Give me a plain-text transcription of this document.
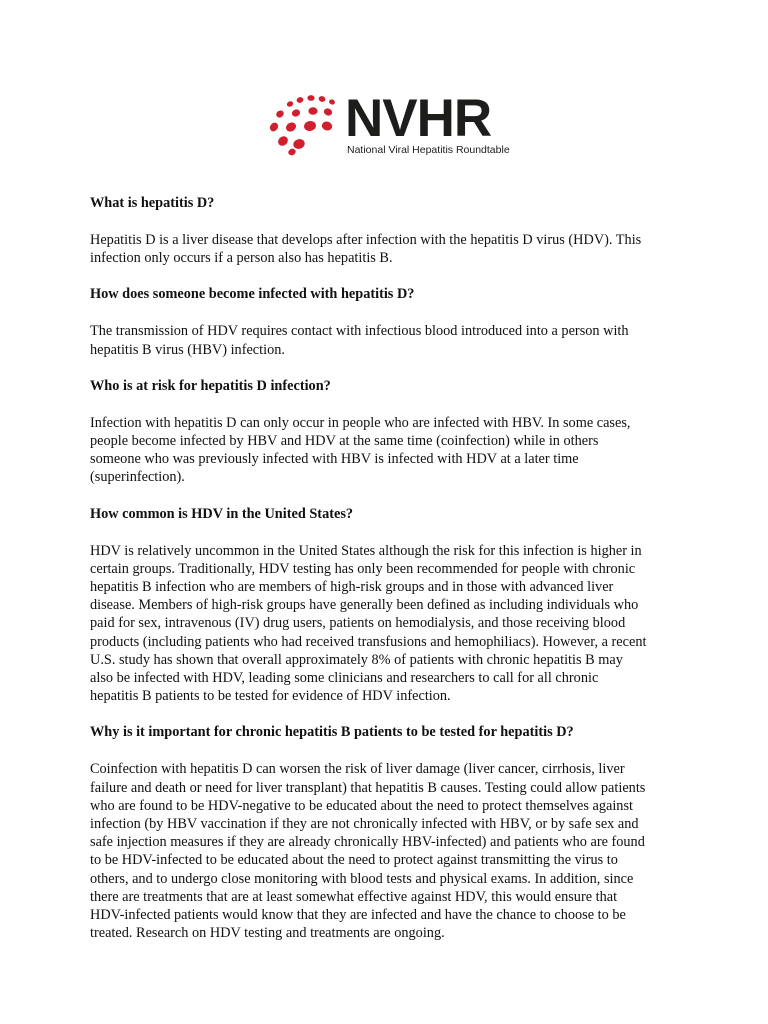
NVHR

National Viral Hepatitis Roundtable

What is hepatitis D?

Hepatitis D is a liver disease that develops after infection with the hepatitis D virus (HDV). This
infection only occurs if a person also has hepatitis B.

How does someone become infected with hepatitis D?

The transmission of HDV requires contact with infectious blood introduced into a person with
hepatitis B virus (HBV) infection.

Who is at risk for hepatitis D infection?

Infection with hepatitis D can only occur in people who are infected with HBV. In some cases,
people become infected by HBV and HDV at the same time (coinfection) while in others
someone who was previously infected with HBV is infected with HDV at a later time
(superinfection).

How common is HDV in the United States?

HDV is relatively uncommon in the United States although the risk for this infection is higher in
certain groups. Traditionally, HDV testing has only been recommended for people with chronic
hepatitis B infection who are members of high-risk groups and in those with advanced liver
disease. Members of high-risk groups have generally been defined as including individuals who
paid for sex, intravenous (IV) drug users, patients on hemodialysis, and those receiving blood
products (including patients who had received transfusions and hemophiliacs). However, a recent
U.S. study has shown that overall approximately 8% of patients with chronic hepatitis B may
also be infected with HDV, leading some clinicians and researchers to call for all chronic
hepatitis B patients to be tested for evidence of HDV infection.

Why is it important for chronic hepatitis B patients to be tested for hepatitis D?

Coinfection with hepatitis D can worsen the risk of liver damage (liver cancer, cirrhosis, liver
failure and death or need for liver transplant) that hepatitis B causes. Testing could allow patients
who are found to be HDV-negative to be educated about the need to protect themselves against
infection (by HBV vaccination if they are not chronically infected with HBV, or by safe sex and
safe injection measures if they are already chronically HBV-infected) and patients who are found
to be HDV-infected to be educated about the need to protect against transmitting the virus to
others, and to undergo close monitoring with blood tests and physical exams. In addition, since
there are treatments that are at least somewhat effective against HDV, this would ensure that
HDV-infected patients would know that they are infected and have the chance to choose to be
treated. Research on HDV testing and treatments are ongoing.
